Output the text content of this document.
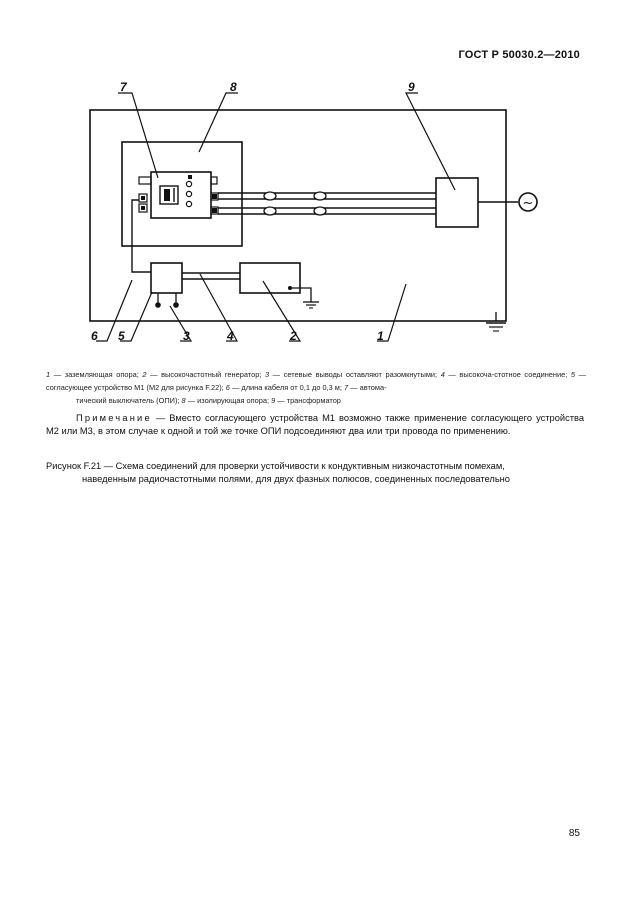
ГОСТ Р 50030.2—2010
~
7	8	9
6 5	3	4	2	1
1 — заземляющая опора; 2 — высокочастотный генератор; 3 — сетевые выводы оставляют разомкнутыми; 4 — высокоча-стотное соединение; 5 — согласующее устройство М1 (М2 для рисунка F.22); 6 — длина кабеля от 0,1 до 0,3 м; 7 — автома-
тический выключатель (ОПИ); 8 — изолирующая опора; 9 — трансформатор
Примечание — Вместо согласующего устройства М1 возможно также применение согласующего устройства М2 или М3, в этом случае к одной и той же точке ОПИ подсоединяют два или три провода по применению.
Рисунок F.21 — Схема соединений для проверки устойчивости к кондуктивным низкочастотным помехам,
наведенным радиочастотными полями, для двух фазных полюсов, соединенных последовательно
85
